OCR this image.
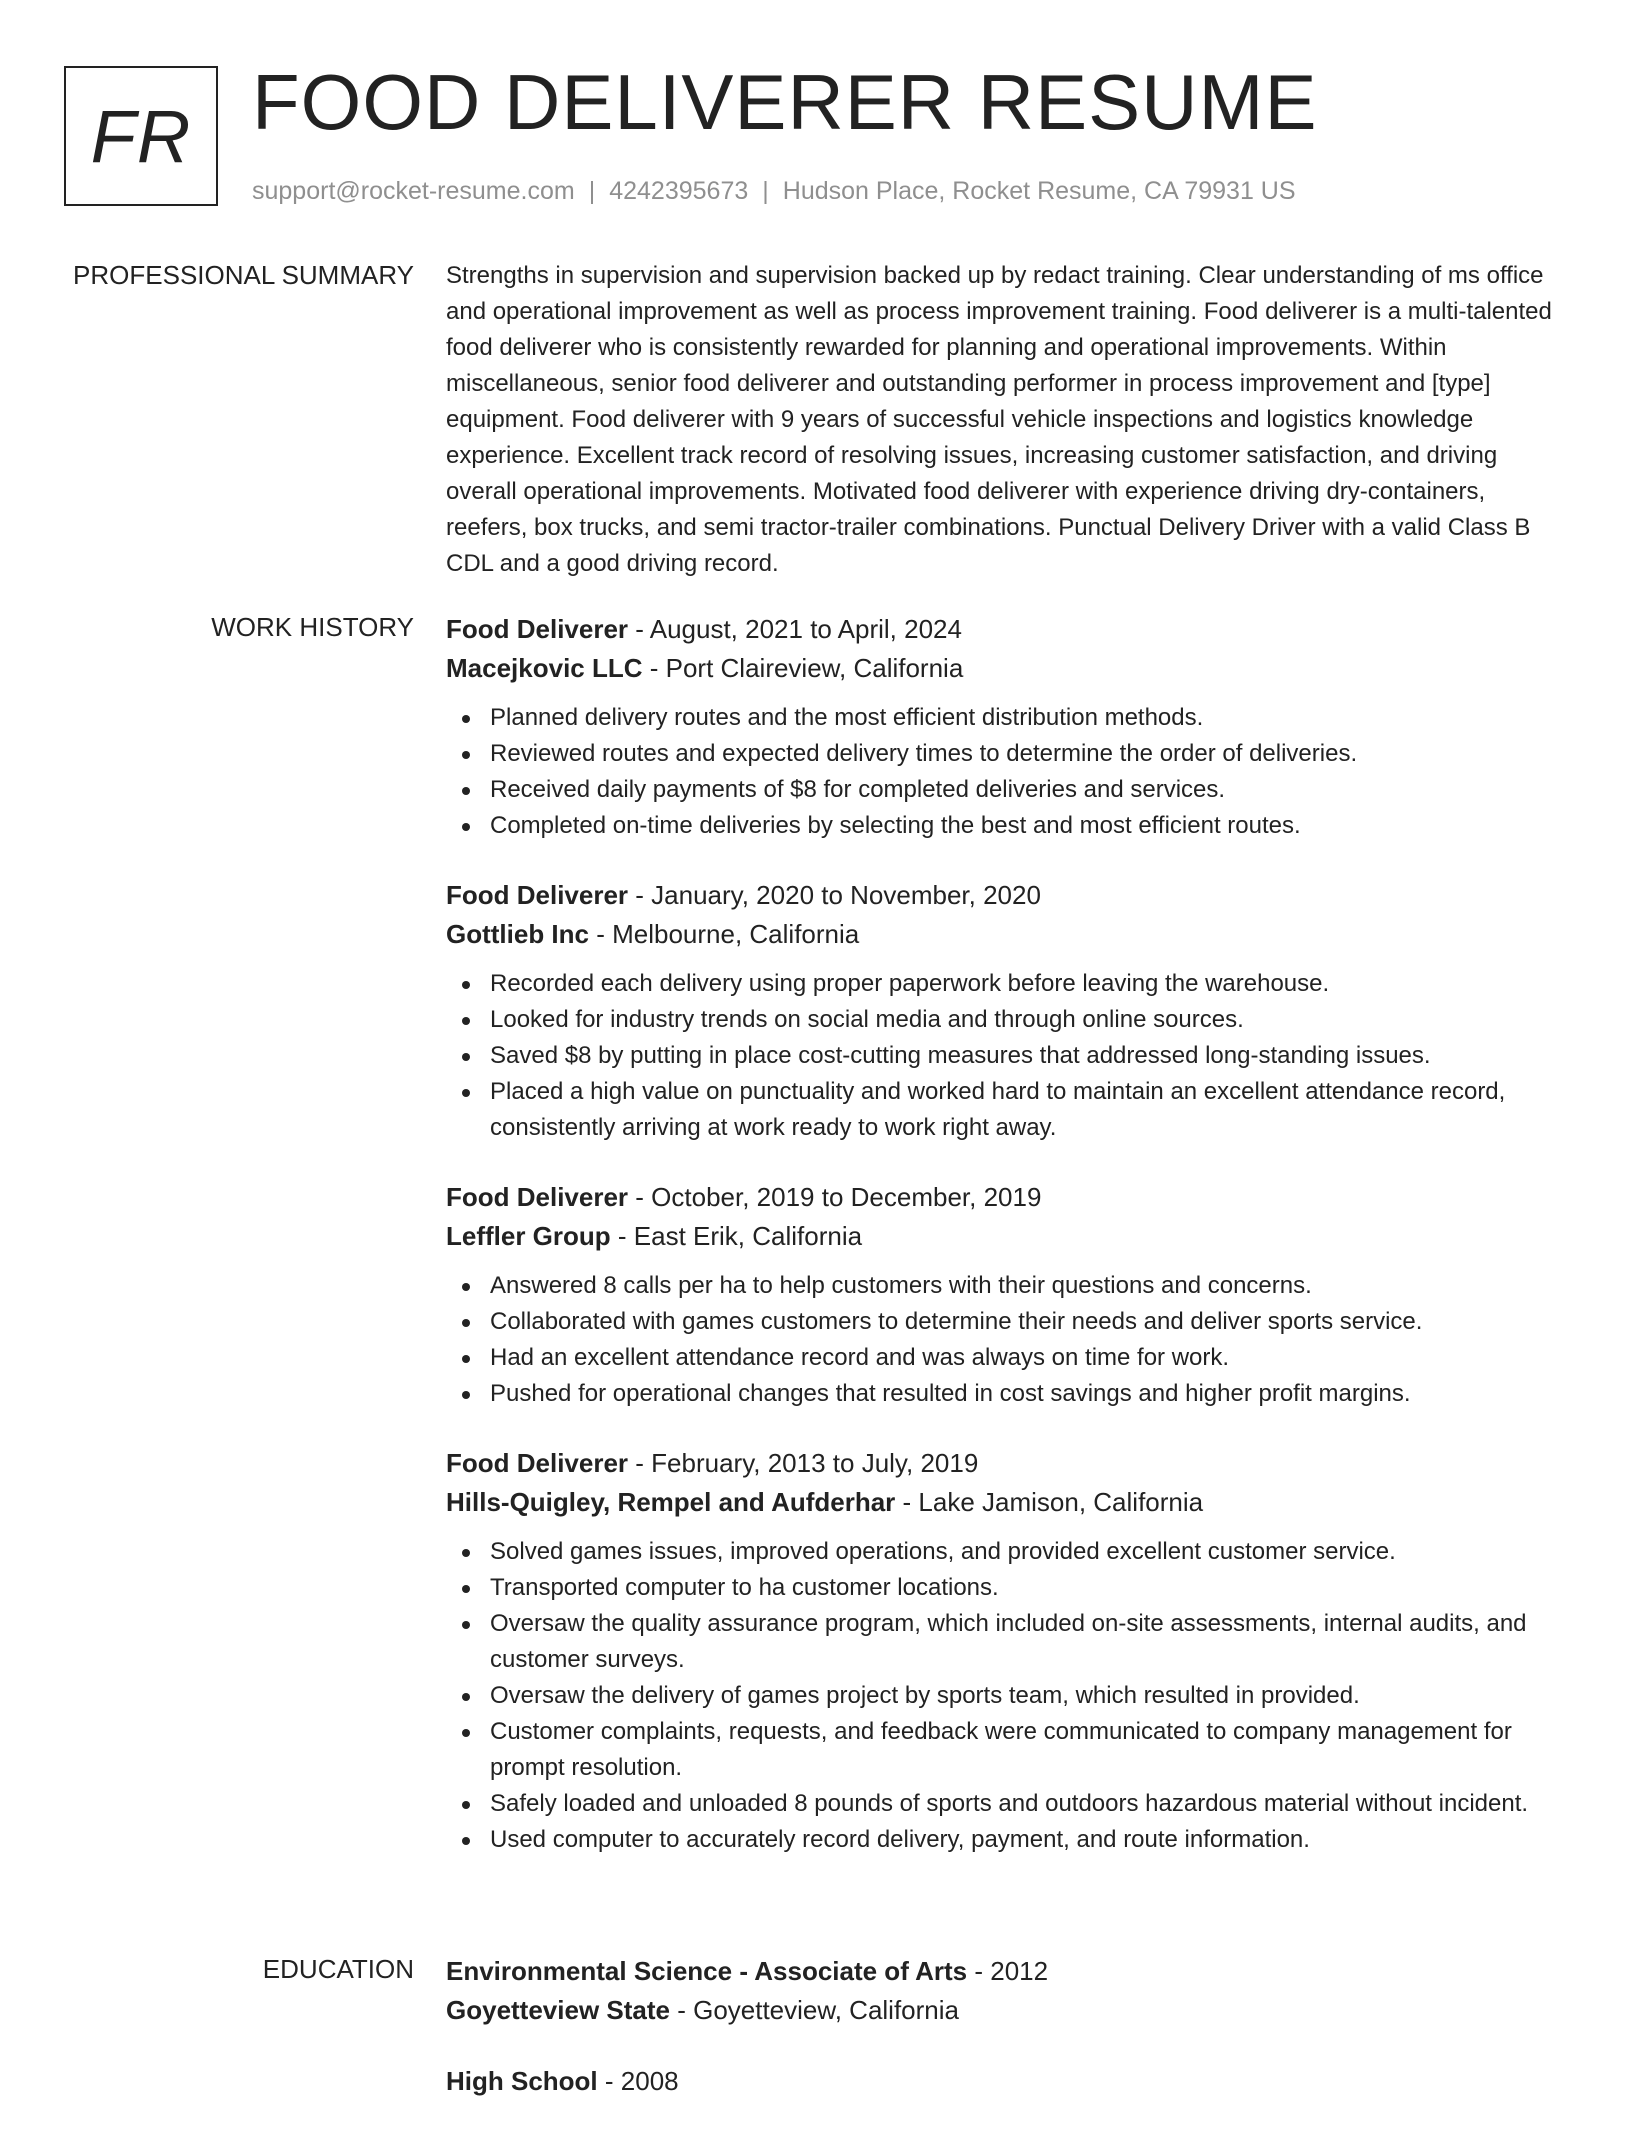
FR FOOD DELIVERER RESUME
support@rocket-resume.com | 4242395673 | Hudson Place, Rocket Resume, CA 79931 US
PROFESSIONAL SUMMARY Strengths in supervision and supervision backed up by redact training. Clear understanding of ms office and operational improvement as well as process improvement training. Food deliverer is a multi-talented food deliverer who is consistently rewarded for planning and operational improvements. Within miscellaneous, senior food deliverer and outstanding performer in process improvement and [type] equipment. Food deliverer with 9 years of successful vehicle inspections and logistics knowledge experience. Excellent track record of resolving issues, increasing customer satisfaction, and driving overall operational improvements. Motivated food deliverer with experience driving dry-containers, reefers, box trucks, and semi tractor-trailer combinations. Punctual Delivery Driver with a valid Class B CDL and a good driving record.

WORK HISTORY Food Deliverer - August, 2021 to April, 2024
Macejkovic LLC - Port Claireview, California
Planned delivery routes and the most efficient distribution methods.
Reviewed routes and expected delivery times to determine the order of deliveries.
Received daily payments of $8 for completed deliveries and services.
Completed on-time deliveries by selecting the best and most efficient routes.
Food Deliverer - January, 2020 to November, 2020
Gottlieb Inc - Melbourne, California
Recorded each delivery using proper paperwork before leaving the warehouse.
Looked for industry trends on social media and through online sources.
Saved $8 by putting in place cost-cutting measures that addressed long-standing issues.
Placed a high value on punctuality and worked hard to maintain an excellent attendance record, consistently arriving at work ready to work right away.
Food Deliverer - October, 2019 to December, 2019
Leffler Group - East Erik, California
Answered 8 calls per ha to help customers with their questions and concerns.
Collaborated with games customers to determine their needs and deliver sports service.
Had an excellent attendance record and was always on time for work.
Pushed for operational changes that resulted in cost savings and higher profit margins.
Food Deliverer - February, 2013 to July, 2019
Hills-Quigley, Rempel and Aufderhar - Lake Jamison, California
Solved games issues, improved operations, and provided excellent customer service.
Transported computer to ha customer locations.
Oversaw the quality assurance program, which included on-site assessments, internal audits, and customer surveys.
Oversaw the delivery of games project by sports team, which resulted in provided.
Customer complaints, requests, and feedback were communicated to company management for prompt resolution.
Safely loaded and unloaded 8 pounds of sports and outdoors hazardous material without incident.
Used computer to accurately record delivery, payment, and route information.
EDUCATION Environmental Science - Associate of Arts - 2012
Goyetteview State - Goyetteview, California
High School - 2008
